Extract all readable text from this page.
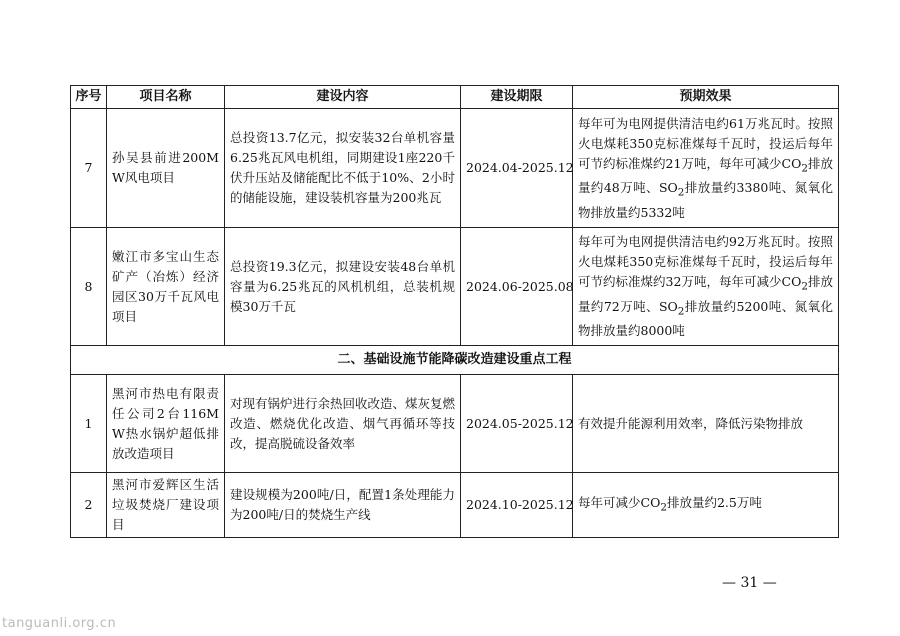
序号	项目名称	建设内容	建设期限	预期效果
7	孙吴县前进200MW风电项目	总投资13.7亿元，拟安装32台单机容量6.25兆瓦风电机组，同期建设1座220千伏升压站及储能配比不低于10%、2小时的储能设施，建设装机容量为200兆瓦	2024.04-2025.12	每年可为电网提供清洁电约61万兆瓦时。按照火电煤耗350克标准煤每千瓦时，投运后每年可节约标准煤约21万吨，每年可减少$CO_2$排放量约48万吨、$SO_2$排放量约3380吨、氮氧化物排放量约5332吨
8	嫩江市多宝山生态矿产（冶炼）经济园区30万千瓦风电项目	总投资19.3亿元，拟建设安装48台单机容量为6.25兆瓦的风机机组，总装机规模30万千瓦	2024.06-2025.08	每年可为电网提供清洁电约92万兆瓦时。按照火电煤耗350克标准煤每千瓦时，投运后每年可节约标准煤约32万吨，每年可减少$CO_2$排放量约72万吨、$SO_2$排放量约5200吨、氮氧化物排放量约8000吨
二、基础设施节能降碳改造建设重点工程				
1	黑河市热电有限责任公司2台116MW热水锅炉超低排放改造项目	对现有锅炉进行余热回收改造、煤灰复燃改造、燃烧优化改造、烟气再循环等技改，提高脱硫设备效率	2024.05-2025.12	有效提升能源利用效率，降低污染物排放
2	黑河市爱辉区生活垃圾焚烧厂建设项目	建设规模为200吨/日，配置1条处理能力为200吨/日的焚烧生产线	2024.10-2025.12	每年可减少$CO_2$排放量约2.5万吨
— 31 —
tanguanli.org.cn
